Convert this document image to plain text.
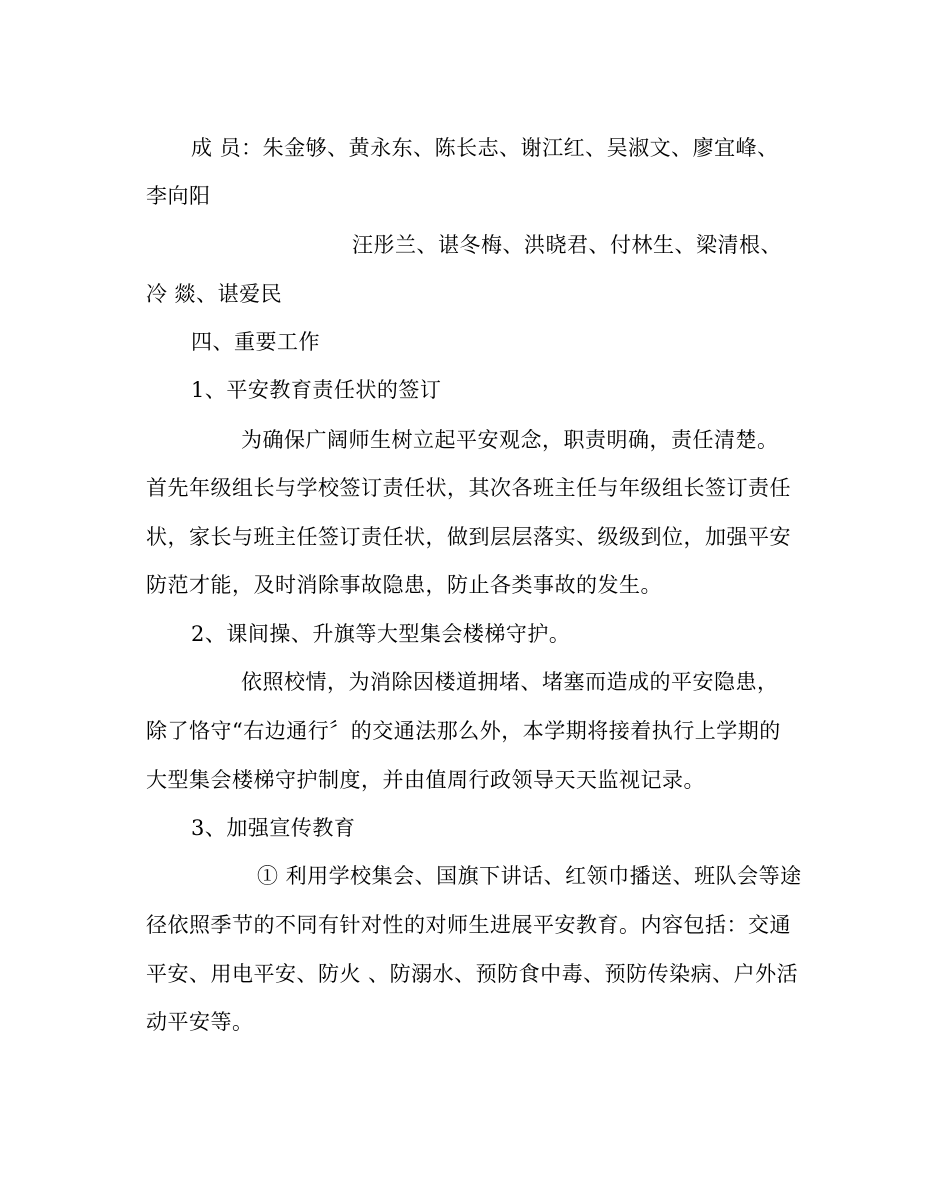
成 员：朱金够、黄永东、陈长志、谢江红、吴淑文、廖宜峰、
李向阳
汪彤兰、谌冬梅、洪晓君、付林生、梁清根、
冷 燚、谌爱民
四、重要工作
1、平安教育责任状的签订
为确保广阔师生树立起平安观念，职责明确，责任清楚。
首先年级组长与学校签订责任状，其次各班主任与年级组长签订责任
状，家长与班主任签订责任状，做到层层落实、级级到位，加强平安
防范才能，及时消除事故隐患，防止各类事故的发生。
2、课间操、升旗等大型集会楼梯守护。
依照校情，为消除因楼道拥堵、堵塞而造成的平安隐患，
除了恪守“右边通行〞的交通法那么外，本学期将接着执行上学期的
大型集会楼梯守护制度，并由值周行政领导天天监视记录。
3、加强宣传教育
① 利用学校集会、国旗下讲话、红领巾播送、班队会等途
径依照季节的不同有针对性的对师生进展平安教育。内容包括：交通
平安、用电平安、防火 、防溺水、预防食中毒、预防传染病、户外活
动平安等。
